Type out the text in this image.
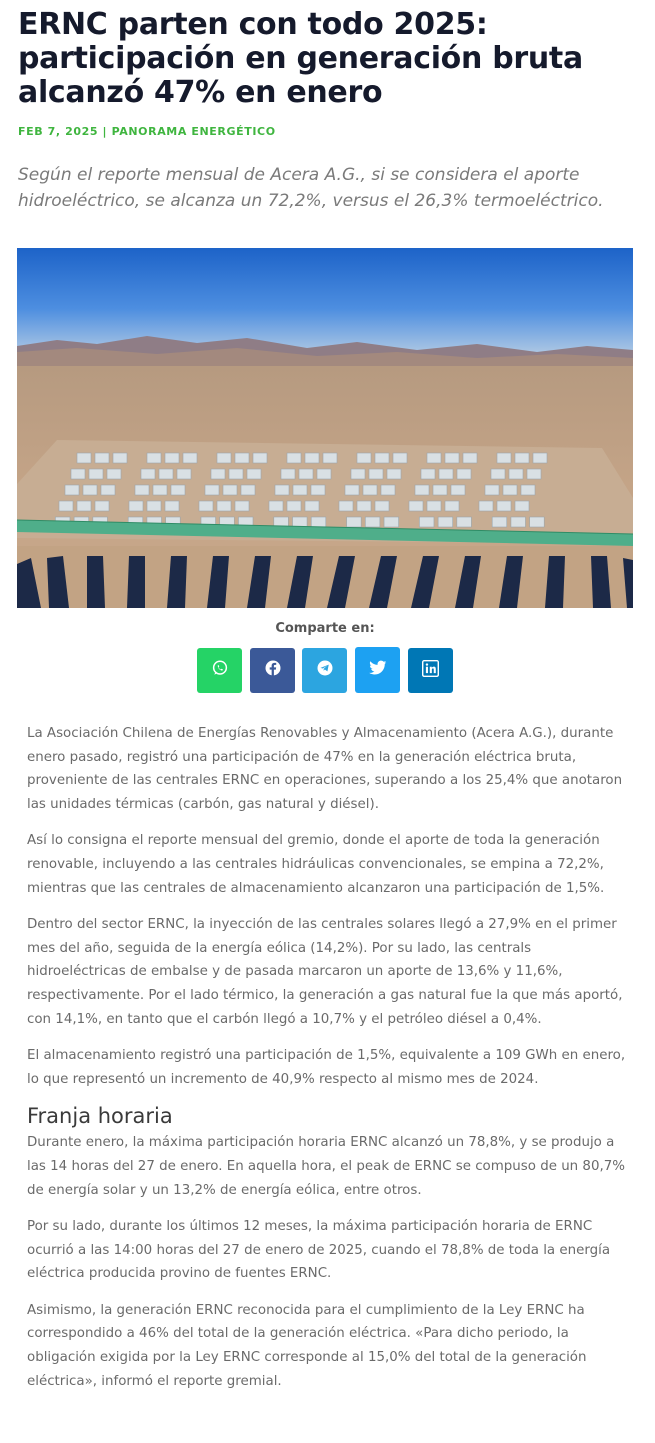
ERNC parten con todo 2025: participación en generación bruta alcanzó 47% en enero
FEB 7, 2025 | PANORAMA ENERGÉTICO

Según el reporte mensual de Acera A.G., si se considera el aporte hidroeléctrico, se alcanza un 72,2%, versus el 26,3% termoeléctrico.

Comparte en:

La Asociación Chilena de Energías Renovables y Almacenamiento (Acera A.G.), durante enero pasado, registró una participación de 47% en la generación eléctrica bruta, proveniente de las centrales ERNC en operaciones, superando a los 25,4% que anotaron las unidades térmicas (carbón, gas natural y diésel).

Así lo consigna el reporte mensual del gremio, donde el aporte de toda la generación renovable, incluyendo a las centrales hidráulicas convencionales, se empina a 72,2%, mientras que las centrales de almacenamiento alcanzaron una participación de 1,5%.

Dentro del sector ERNC, la inyección de las centrales solares llegó a 27,9% en el primer mes del año, seguida de la energía eólica (14,2%). Por su lado, las centrals hidroeléctricas de embalse y de pasada marcaron un aporte de 13,6% y 11,6%, respectivamente. Por el lado térmico, la generación a gas natural fue la que más aportó, con 14,1%, en tanto que el carbón llegó a 10,7% y el petróleo diésel a 0,4%.

El almacenamiento registró una participación de 1,5%, equivalente a 109 GWh en enero, lo que representó un incremento de 40,9% respecto al mismo mes de 2024.

Franja horaria

Durante enero, la máxima participación horaria ERNC alcanzó un 78,8%, y se produjo a las 14 horas del 27 de enero. En aquella hora, el peak de ERNC se compuso de un 80,7% de energía solar y un 13,2% de energía eólica, entre otros.

Por su lado, durante los últimos 12 meses, la máxima participación horaria de ERNC ocurrió a las 14:00 horas del 27 de enero de 2025, cuando el 78,8% de toda la energía eléctrica producida provino de fuentes ERNC.

Asimismo, la generación ERNC reconocida para el cumplimiento de la Ley ERNC ha correspondido a 46% del total de la generación eléctrica. «Para dicho periodo, la obligación exigida por la Ley ERNC corresponde al 15,0% del total de la generación eléctrica», informó el reporte gremial.
